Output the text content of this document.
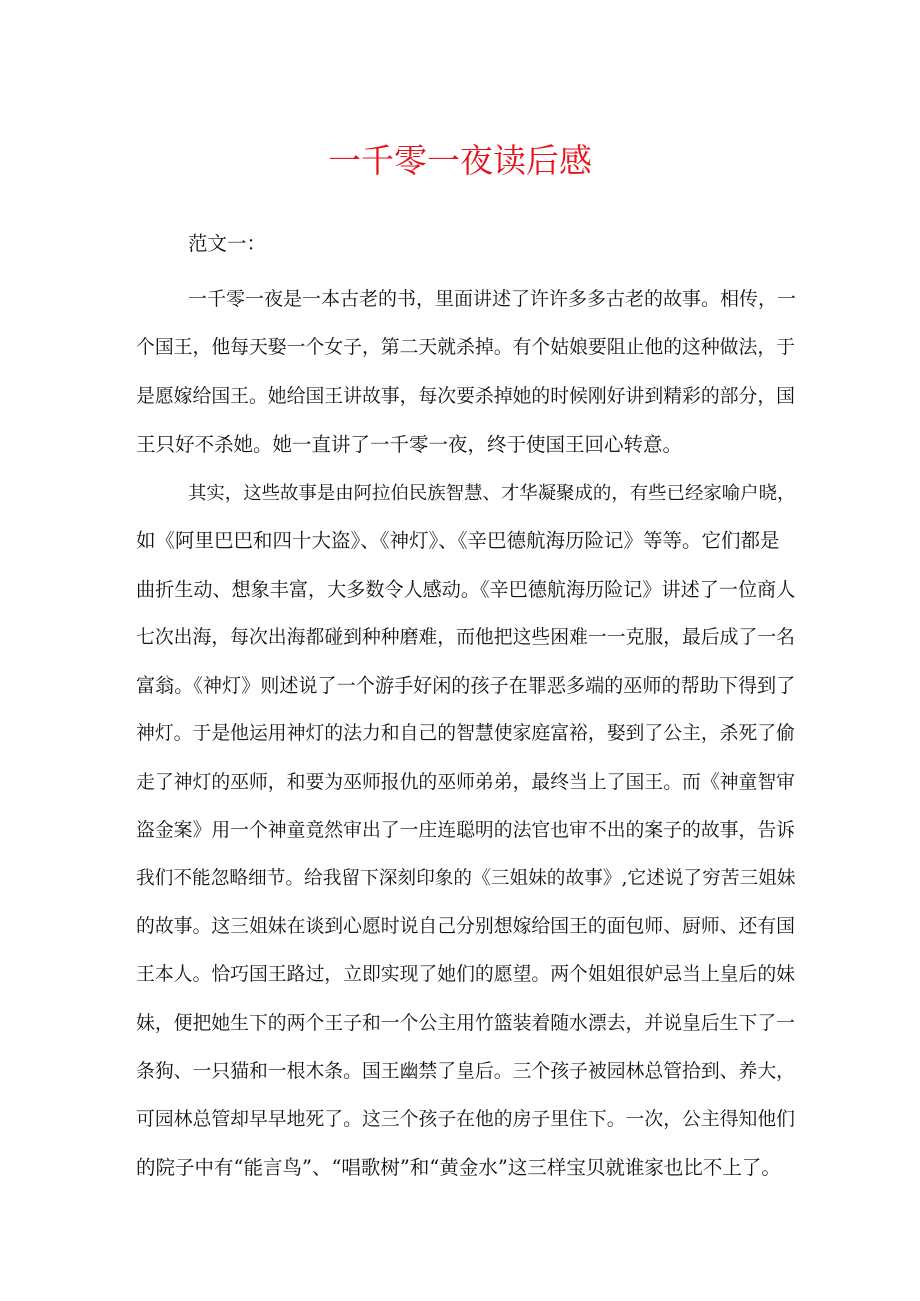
一千零一夜读后感
范文一：
一千零一夜是一本古老的书，里面讲述了许许多多古老的故事。相传，一
个国王，他每天娶一个女子，第二天就杀掉。有个姑娘要阻止他的这种做法，于
是愿嫁给国王。她给国王讲故事，每次要杀掉她的时候刚好讲到精彩的部分，国
王只好不杀她。她一直讲了一千零一夜，终于使国王回心转意。
其实，这些故事是由阿拉伯民族智慧、才华凝聚成的，有些已经家喻户晓，
如《阿里巴巴和四十大盗》、《神灯》、《辛巴德航海历险记》等等。它们都是
曲折生动、想象丰富，大多数令人感动。《辛巴德航海历险记》讲述了一位商人
七次出海，每次出海都碰到种种磨难，而他把这些困难一一克服，最后成了一名
富翁。《神灯》则述说了一个游手好闲的孩子在罪恶多端的巫师的帮助下得到了
神灯。于是他运用神灯的法力和自己的智慧使家庭富裕，娶到了公主，杀死了偷
走了神灯的巫师，和要为巫师报仇的巫师弟弟，最终当上了国王。而《神童智审
盗金案》用一个神童竟然审出了一庄连聪明的法官也审不出的案子的故事，告诉
我们不能忽略细节。给我留下深刻印象的《三姐妹的故事》,它述说了穷苦三姐妹
的故事。这三姐妹在谈到心愿时说自己分别想嫁给国王的面包师、厨师、还有国
王本人。恰巧国王路过，立即实现了她们的愿望。两个姐姐很妒忌当上皇后的妹
妹，便把她生下的两个王子和一个公主用竹篮装着随水漂去，并说皇后生下了一
条狗、一只猫和一根木条。国王幽禁了皇后。三个孩子被园林总管拾到、养大，
可园林总管却早早地死了。这三个孩子在他的房子里住下。一次，公主得知他们
的院子中有“能言鸟”、“唱歌树”和“黄金水”这三样宝贝就谁家也比不上了。
